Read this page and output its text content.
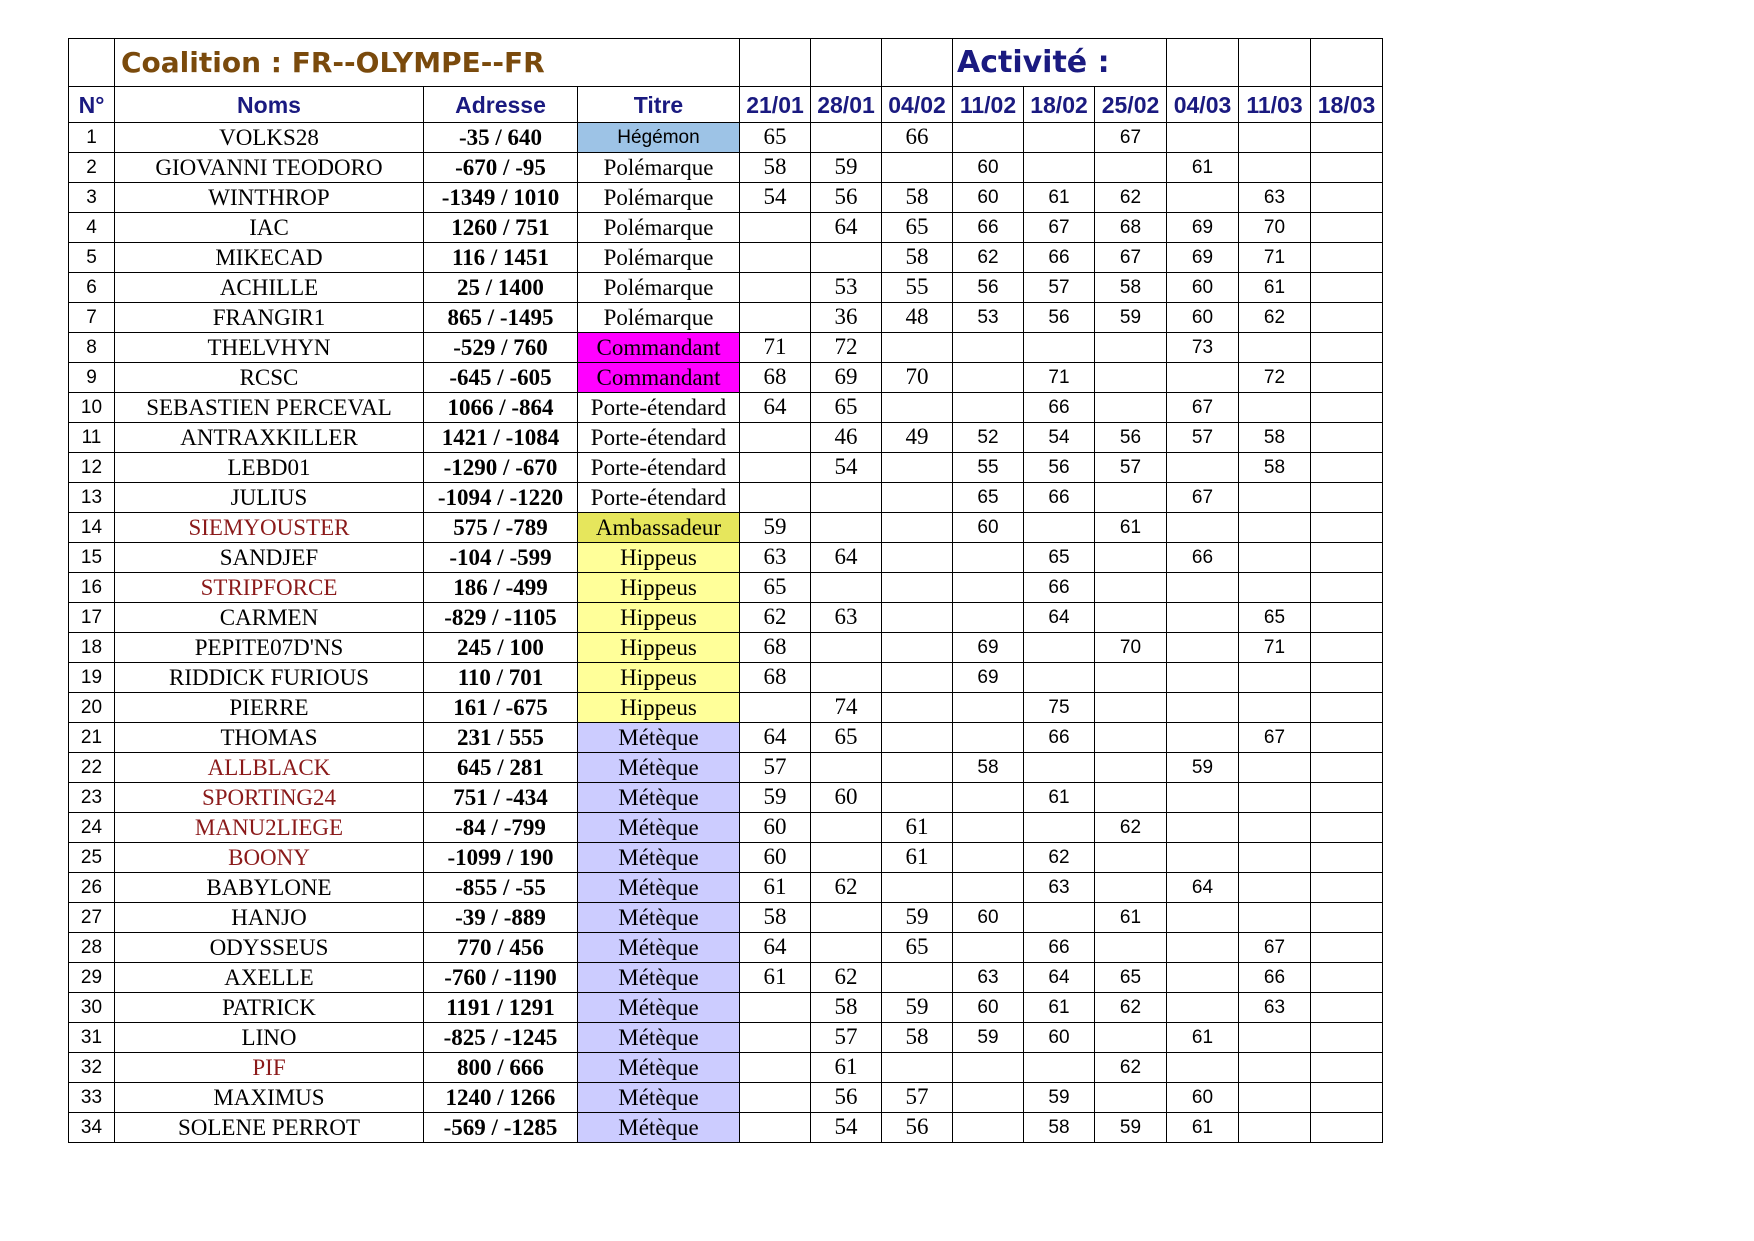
	Coalition : FR--OLYMPE--FR						Activité :					
N°	Noms	Adresse	Titre	21/01	28/01	04/02	11/02	18/02	25/02	04/03	11/03	18/03
1	VOLKS28	-35 / 640	Hégémon	65		66			67			
2	GIOVANNI TEODORO	-670 / -95	Polémarque	58	59		60			61		
3	WINTHROP	-1349 / 1010	Polémarque	54	56	58	60	61	62		63	
4	IAC	1260 / 751	Polémarque		64	65	66	67	68	69	70	
5	MIKECAD	116 / 1451	Polémarque			58	62	66	67	69	71	
6	ACHILLE	25 / 1400	Polémarque		53	55	56	57	58	60	61	
7	FRANGIR1	865 / -1495	Polémarque		36	48	53	56	59	60	62	
8	THELVHYN	-529 / 760	Commandant	71	72					73		
9	RCSC	-645 / -605	Commandant	68	69	70		71			72	
10	SEBASTIEN PERCEVAL	1066 / -864	Porte-étendard	64	65			66		67		
11	ANTRAXKILLER	1421 / -1084	Porte-étendard		46	49	52	54	56	57	58	
12	LEBD01	-1290 / -670	Porte-étendard		54		55	56	57		58	
13	JULIUS	-1094 / -1220	Porte-étendard				65	66		67		
14	SIEMYOUSTER	575 / -789	Ambassadeur	59			60		61			
15	SANDJEF	-104 / -599	Hippeus	63	64			65		66		
16	STRIPFORCE	186 / -499	Hippeus	65				66				
17	CARMEN	-829 / -1105	Hippeus	62	63			64			65	
18	PEPITE07D'NS	245 / 100	Hippeus	68			69		70		71	
19	RIDDICK FURIOUS	110 / 701	Hippeus	68			69					
20	PIERRE	161 / -675	Hippeus		74			75				
21	THOMAS	231 / 555	Métèque	64	65			66			67	
22	ALLBLACK	645 / 281	Métèque	57			58			59		
23	SPORTING24	751 / -434	Métèque	59	60			61				
24	MANU2LIEGE	-84 / -799	Métèque	60		61			62			
25	BOONY	-1099 / 190	Métèque	60		61		62				
26	BABYLONE	-855 / -55	Métèque	61	62			63		64		
27	HANJO	-39 / -889	Métèque	58		59	60		61			
28	ODYSSEUS	770 / 456	Métèque	64		65		66			67	
29	AXELLE	-760 / -1190	Métèque	61	62		63	64	65		66	
30	PATRICK	1191 / 1291	Métèque		58	59	60	61	62		63	
31	LINO	-825 / -1245	Métèque		57	58	59	60		61		
32	PIF	800 / 666	Métèque		61				62			
33	MAXIMUS	1240 / 1266	Métèque		56	57		59		60		
34	SOLENE PERROT	-569 / -1285	Métèque		54	56		58	59	61		
